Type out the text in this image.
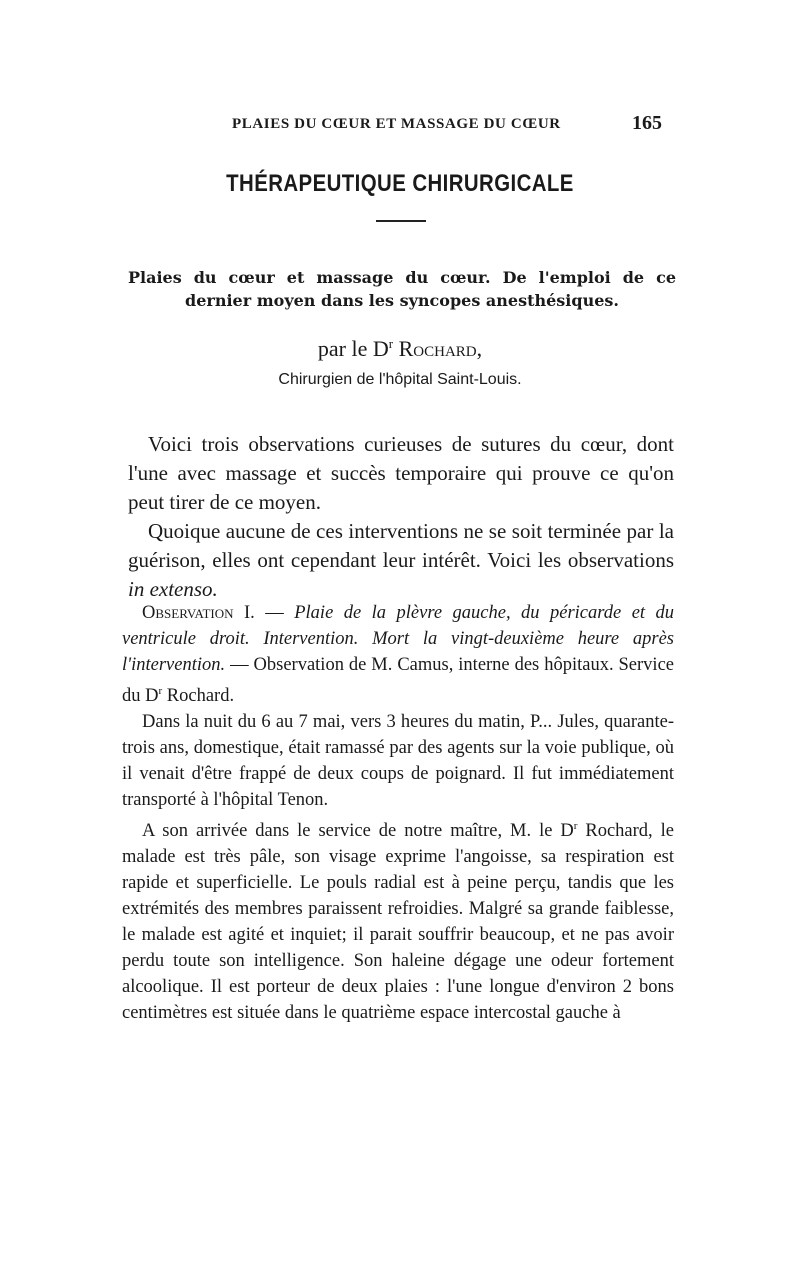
PLAIES DU CŒUR ET MASSAGE DU CŒUR	165
THÉRAPEUTIQUE CHIRURGICALE
Plaies du cœur et massage du cœur. De l'emploi de ce dernier moyen dans les syncopes anesthésiques.
par le $D^r$ Rochard,
Chirurgien de l'hôpital Saint-Louis.

Voici trois observations curieuses de sutures du cœur, dont l'une avec massage et succès temporaire qui prouve ce qu'on peut tirer de ce moyen.

Quoique aucune de ces interventions ne se soit terminée par la guérison, elles ont cependant leur intérêt. Voici les observations in extenso.

Observation I. — Plaie de la plèvre gauche, du péricarde et du ventricule droit. Intervention. Mort la vingt-deuxième heure après l'intervention. — Observation de M. Camus, interne des hôpitaux. Service du $D^r$ Rochard.

Dans la nuit du 6 au 7 mai, vers 3 heures du matin, P... Jules, quarante-trois ans, domestique, était ramassé par des agents sur la voie publique, où il venait d'être frappé de deux coups de poignard. Il fut immédiatement transporté à l'hôpital Tenon.

A son arrivée dans le service de notre maître, M. le $D^r$ Rochard, le malade est très pâle, son visage exprime l'angoisse, sa respiration est rapide et superficielle. Le pouls radial est à peine perçu, tandis que les extrémités des membres paraissent refroidies. Malgré sa grande faiblesse, le malade est agité et inquiet; il parait souffrir beaucoup, et ne pas avoir perdu toute son intelligence. Son haleine dégage une odeur fortement alcoolique. Il est porteur de deux plaies : l'une longue d'environ 2 bons centimètres est située dans le quatrième espace intercostal gauche à
